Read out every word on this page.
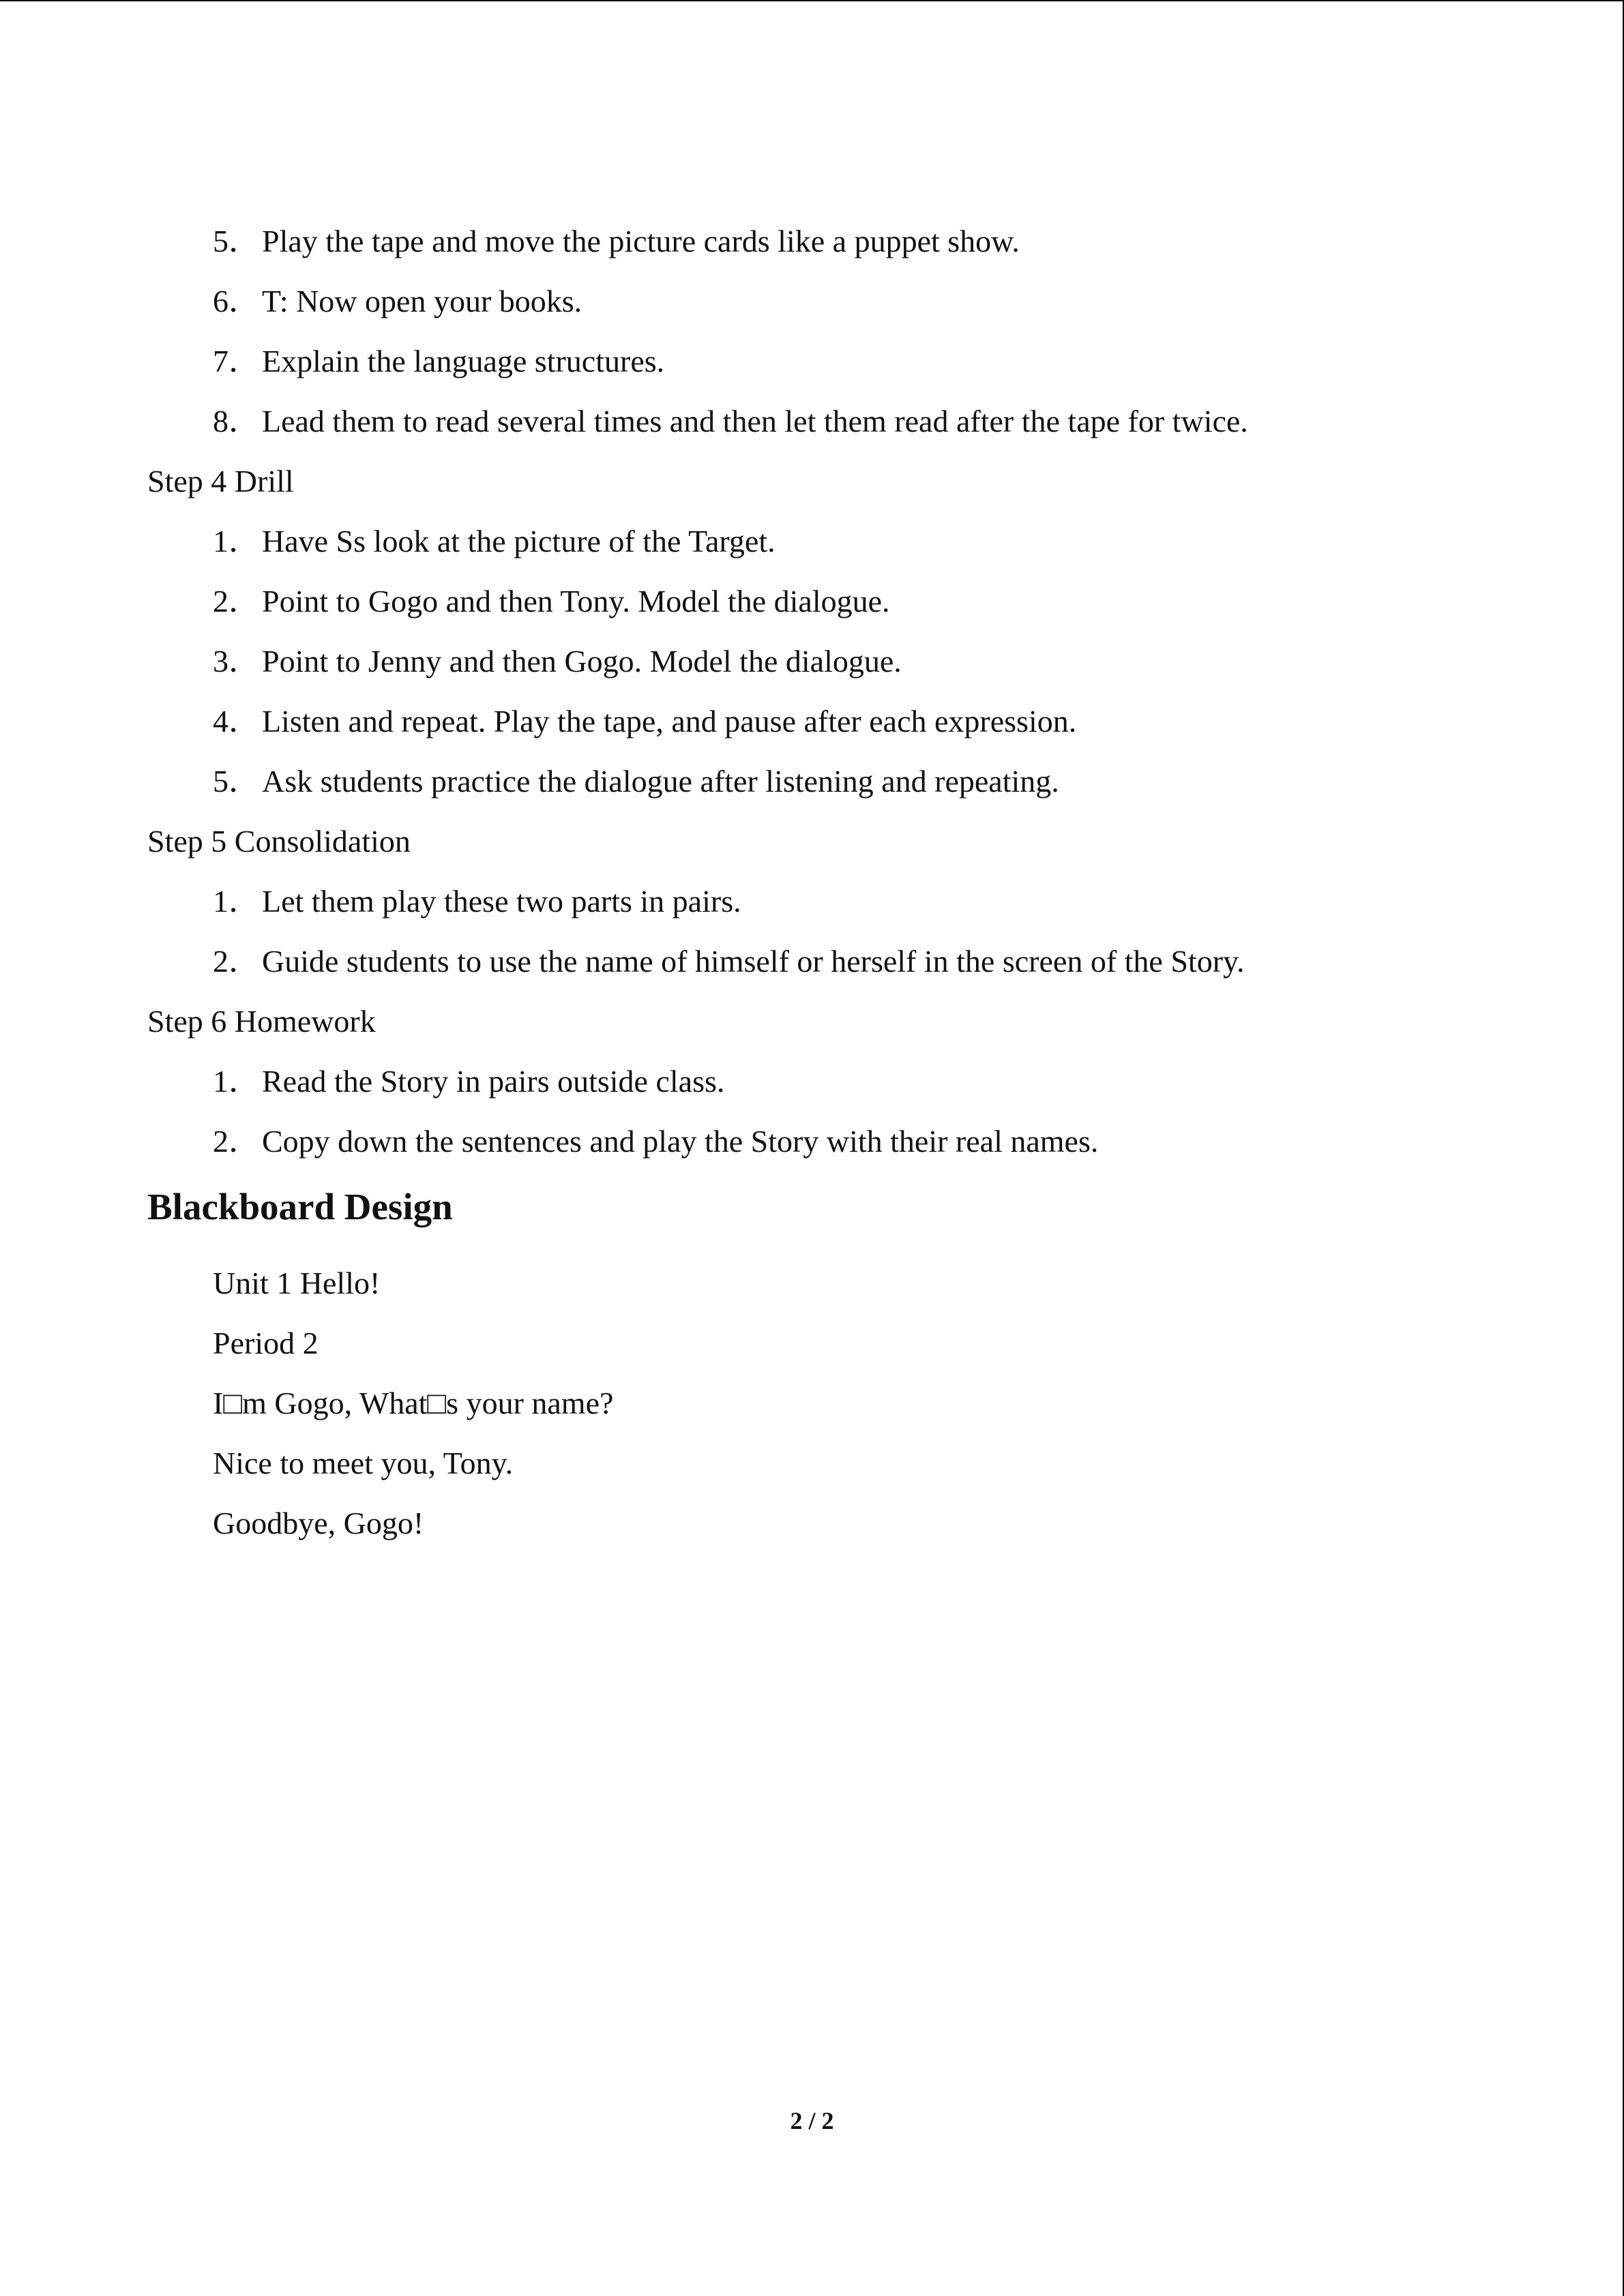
5．Play the tape and move the picture cards like a puppet show.
6．T: Now open your books.
7．Explain the language structures.
8．Lead them to read several times and then let them read after the tape for twice.
Step 4 Drill
1．Have Ss look at the picture of the Target.
2．Point to Gogo and then Tony. Model the dialogue.
3．Point to Jenny and then Gogo. Model the dialogue.
4．Listen and repeat. Play the tape, and pause after each expression.
5．Ask students practice the dialogue after listening and repeating.
Step 5 Consolidation
1．Let them play these two parts in pairs.
2．Guide students to use the name of himself or herself in the screen of the Story.
Step 6 Homework
1．Read the Story in pairs outside class.
2．Copy down the sentences and play the Story with their real names.
Blackboard Design
Unit 1 Hello!
Period 2
I□m Gogo, What□s your name?
Nice to meet you, Tony.
Goodbye, Gogo!
2 / 2
